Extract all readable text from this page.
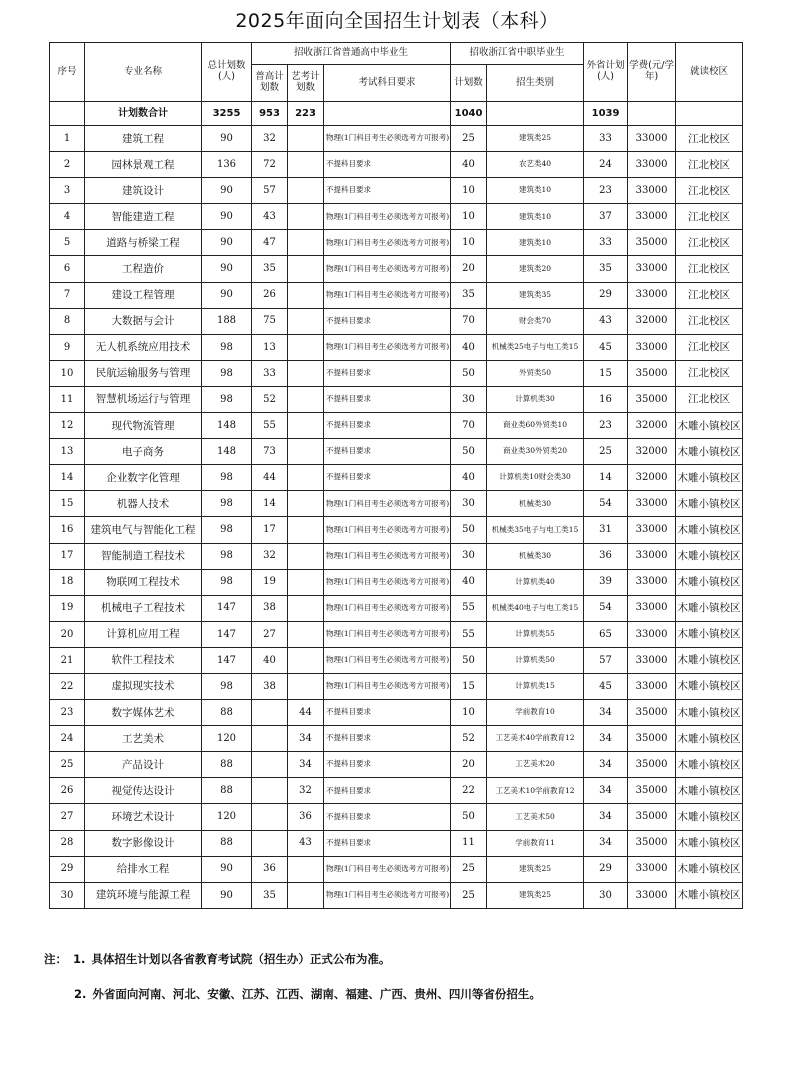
2025年面向全国招生计划表（本科）
序号	专业名称	总计划数(人)	招收浙江省普通高中毕业生			招收浙江省中职毕业生		外省计划(人)	学费(元/学年)	就读校区
			普高计划数	艺考计划数	考试科目要求	计划数	招生类别			
	计划数合计	3255	953	223		1040		1039		
1	建筑工程	90	32		物理(1门科目考生必须选考方可报考)	25	建筑类25	33	33000	江北校区
2	园林景观工程	136	72		不提科目要求	40	农艺类40	24	33000	江北校区
3	建筑设计	90	57		不提科目要求	10	建筑类10	23	33000	江北校区
4	智能建造工程	90	43		物理(1门科目考生必须选考方可报考)	10	建筑类10	37	33000	江北校区
5	道路与桥梁工程	90	47		物理(1门科目考生必须选考方可报考)	10	建筑类10	33	35000	江北校区
6	工程造价	90	35		物理(1门科目考生必须选考方可报考)	20	建筑类20	35	33000	江北校区
7	建设工程管理	90	26		物理(1门科目考生必须选考方可报考)	35	建筑类35	29	33000	江北校区
8	大数据与会计	188	75		不提科目要求	70	财会类70	43	32000	江北校区
9	无人机系统应用技术	98	13		物理(1门科目考生必须选考方可报考)	40	机械类25电子与电工类15	45	33000	江北校区
10	民航运输服务与管理	98	33		不提科目要求	50	外贸类50	15	35000	江北校区
11	智慧机场运行与管理	98	52		不提科目要求	30	计算机类30	16	35000	江北校区
12	现代物流管理	148	55		不提科目要求	70	商业类60外贸类10	23	32000	木雕小镇校区
13	电子商务	148	73		不提科目要求	50	商业类30外贸类20	25	32000	木雕小镇校区
14	企业数字化管理	98	44		不提科目要求	40	计算机类10财会类30	14	32000	木雕小镇校区
15	机器人技术	98	14		物理(1门科目考生必须选考方可报考)	30	机械类30	54	33000	木雕小镇校区
16	建筑电气与智能化工程	98	17		物理(1门科目考生必须选考方可报考)	50	机械类35电子与电工类15	31	33000	木雕小镇校区
17	智能制造工程技术	98	32		物理(1门科目考生必须选考方可报考)	30	机械类30	36	33000	木雕小镇校区
18	物联网工程技术	98	19		物理(1门科目考生必须选考方可报考)	40	计算机类40	39	33000	木雕小镇校区
19	机械电子工程技术	147	38		物理(1门科目考生必须选考方可报考)	55	机械类40电子与电工类15	54	33000	木雕小镇校区
20	计算机应用工程	147	27		物理(1门科目考生必须选考方可报考)	55	计算机类55	65	33000	木雕小镇校区
21	软件工程技术	147	40		物理(1门科目考生必须选考方可报考)	50	计算机类50	57	33000	木雕小镇校区
22	虚拟现实技术	98	38		物理(1门科目考生必须选考方可报考)	15	计算机类15	45	33000	木雕小镇校区
23	数字媒体艺术	88		44	不提科目要求	10	学前教育10	34	35000	木雕小镇校区
24	工艺美术	120		34	不提科目要求	52	工艺美术40学前教育12	34	35000	木雕小镇校区
25	产品设计	88		34	不提科目要求	20	工艺美术20	34	35000	木雕小镇校区
26	视觉传达设计	88		32	不提科目要求	22	工艺美术10学前教育12	34	35000	木雕小镇校区
27	环境艺术设计	120		36	不提科目要求	50	工艺美术50	34	35000	木雕小镇校区
28	数字影像设计	88		43	不提科目要求	11	学前教育11	34	35000	木雕小镇校区
29	给排水工程	90	36		物理(1门科目考生必须选考方可报考)	25	建筑类25	29	33000	木雕小镇校区
30	建筑环境与能源工程	90	35		物理(1门科目考生必须选考方可报考)	25	建筑类25	30	33000	木雕小镇校区
注： 1. 具体招生计划以各省教育考试院（招生办）正式公布为准。
2. 外省面向河南、河北、安徽、江苏、江西、湖南、福建、广西、贵州、四川等省份招生。
